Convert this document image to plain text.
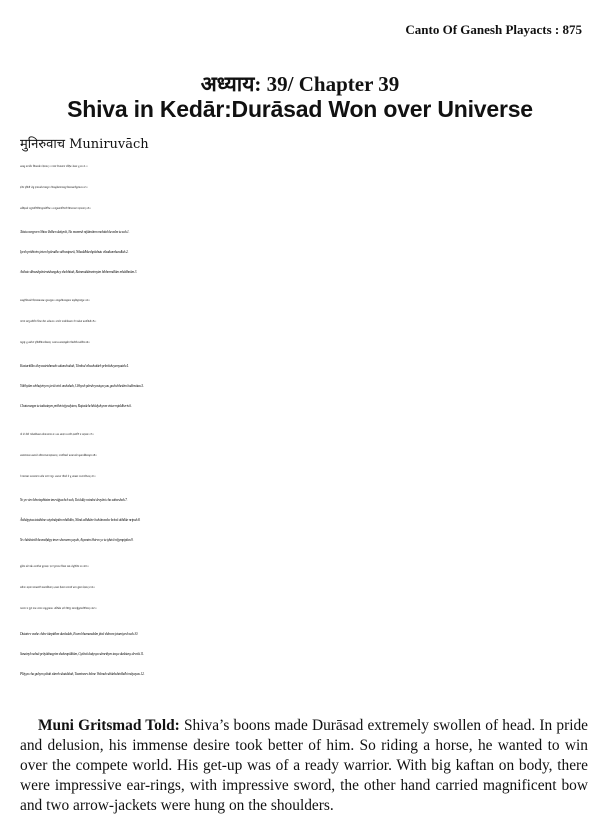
Canto Of Ganesh Playacts : 875
अध्याय: 39/ Chapter 39
Shiva in Kedār:Durāsad Won over Universe
मुनिरुवाच Muniruvāch
ततस्तु वरगर्वेन शिवलब्धेन दैत्यराट्। न मम्र्ष निजात्मानं मोहितः केवलं तु सः।।1।।
इयेष पृथिवीं जेतुं हयारूढोऽभवत्पुरा। निबद्धकेशपाशस्तु विलसत्कर्णकुण्डलः।।2।।
असिहस्तो धनुष्पाणिर्निषंगद्वयशोभितः। रत्नमुक्तामणिमयीं बिभ्रन्मालां महाधनाम्।।3।।
Tatstu vargrven Shiva lbdhen daityrāt, Na mamrsh nijātmānm mohitah kevalm tu sah.1.
Iyesh prithivim jetum hyārudho abhvatpurā, Nibaddhkeshpāshstu vilsatkarnkundlah.2.
Asihsto dhnushpānirnishangdwy shobhitah, Ratnmuktāmnimyim bibhrnmālām mhādhnām.3.
कस्तूरीतिलको दिव्यवस्त्रच्छन्नः सुकञ्चुकः। ताम्बूलविलसद्वक्त्रः प्रकृतिद्वयसंयुतः।।4।।
याभ्यां स्वभुजवीर्येण जिता वीरा अनेकशः। उभयोः पार्श्वयोस्तस्य यौ गच्छेतां बलान्वितौ।।5।।
चतुरङ्गं तु तत्सैन्यं पृथिवीविजयोद्यतम्। रजसाऽऽच्छादयद्व्योम विस्तीर्णजलधेरिव।।6।।
Kasturitilko divyvastrtshnnah sukanchukah, Tāmbul vilsadvaktrh prkritidwysmyutah.4.
Yābhyām svbhujviryen jeetā virā anekshah, Ubhyoh pārshvyostsya yau gachchhetām balānvitau.5.
Chaturangm tu tadsainym prithivivijyodytam, Rajasāchchhādydvyom visteernjaldheriv.6.
यो यो वीरो भवेत्स्फीतस्तं तमेवाजयच्च सः। तत आदाय रत्नानि द्रव्याणि च सहस्रशः।।7।।
आस्थापयत्स तत्स्थाने स्वीयानाप्तान्महाबलान्। नानाधिकारे बलवान्वशे कृत्वाऽखिलान्नृपः।।8।।
ये चाशस्त्राः करान्स्थाप्य तमेव शरणं ययुः। अत्यन्तं भीरवो ये तु त्यक्त्वा राज्यमपीप्लन्।।9।।
Yo yo viro bhvetsphitstm tmevājyachch sah, Tat ādāy ratnāni drvyāni cha sahsrshah.7.
Āsthāpytas tatsthāne sviyānāptān mhāblān, Nānā adhikāre balvānvashe kritvā akhilān nripah.8.
Ye chāshstrāh kranstḥāpy tmev sharanm yayuh, Atyantm bhirvo ye tu tyktvā rājympiplan.9.
दूतैरेव वशे चक्रे तानपीत्थं दुरासदः। एवं भूमण्डलं जित्वा शक्रं जेतुमियेष सः।।10।।
ससैन्यः सहसा प्रायान्नगरीं शक्रपालिताम्। ज्ञात्वा दैत्यस्य सामर्थ्यं तस्य दुष्टस्य देवराट्।।11।।
पलाय्य च गुहां यातः सामरः सकुटुम्बकः। तस्मिन्नेव क्षणे विष्णुः स्थानाद्वैकुण्ठमीयिवान्।।12।।
Dutairev vashe chkre tānpitthm durāsdah, Evam bhumandalm jitvā shkram jetumiyesh sah.10.
Sasainyh sahsā prāyādnagrim shakrapālitām, Gyātvā daitysya sāmrthym tasya dushtasy devrāt.11.
Plāyya cha guhym yātah sāmrh skutubkah, Tasminnev kshne Vishnuh sthānkshirābdhi māyayau.12.
Muni Gritsmad Told: Shiva’s boons made Durāsad extremely swollen of head. In pride and delusion, his immense desire took better of him. So riding a horse, he wanted to win over the compete world. His get-up was of a ready warrior. With big kaftan on body, there were impressive ear-rings, with impressive sword, the other hand carried magnificent bow and two arrow-jackets were hung on the shoulders.
